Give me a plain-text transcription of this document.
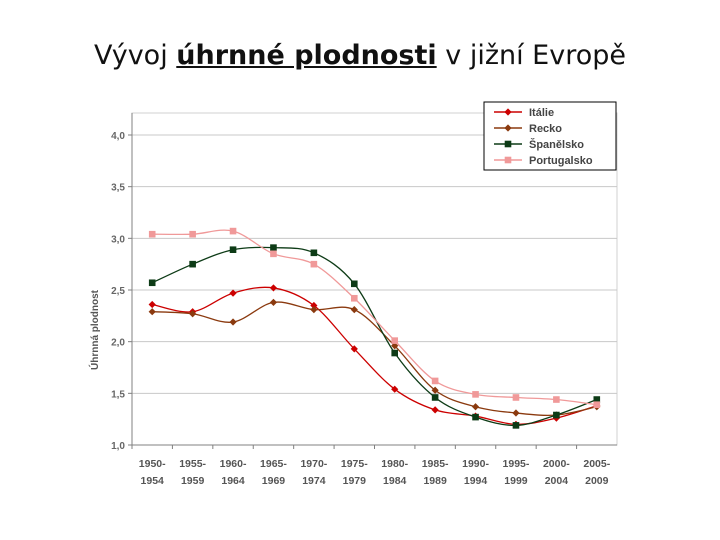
Vývoj úhrnné plodnosti v jižní Evropě
1,0
1,5
2,0
2,5
3,0
3,5
4,0
1950-
1954
1955-
1959
1960-
1964
1965-
1969
1970-
1974
1975-
1979
1980-
1984
1985-
1989
1990-
1994
1995-
1999
2000-
2004
2005-
2009
Úhrnná plodnost
Itálie
Recko
Španělsko
Portugalsko
